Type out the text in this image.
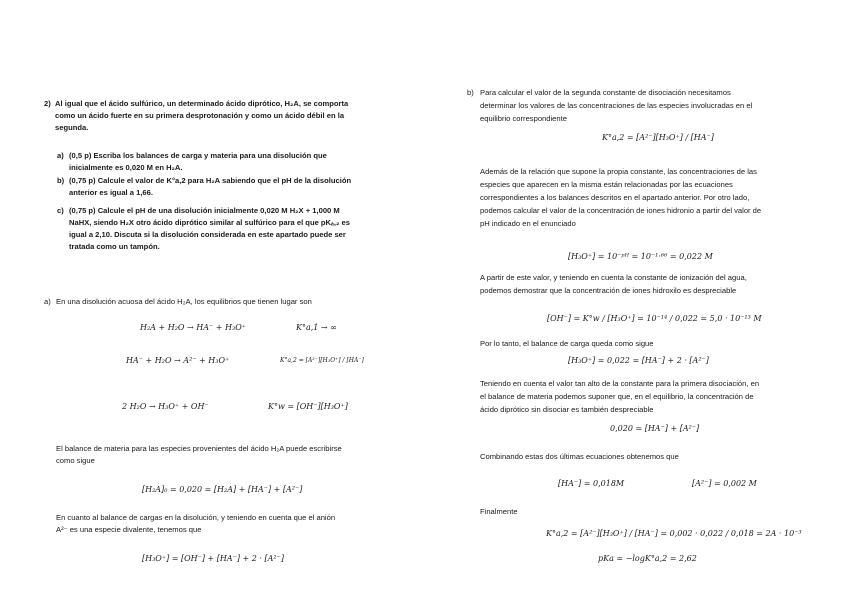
2) Al igual que el ácido sulfúrico, un determinado ácido diprótico, H₂A, se comporta
como un ácido fuerte en su primera desprotonación y como un ácido débil en la
segunda.
a) (0,5 p) Escriba los balances de carga y materia para una disolución que
inicialmente es 0,020 M en H₂A.
b) (0,75 p) Calcule el valor de K°a,2 para H₂A sabiendo que el pH de la disolución
anterior es igual a 1,66.
c) (0,75 p) Calcule el pH de una disolución inicialmente 0,020 M H₂X + 1,000 M
NaHX, siendo H₂X otro ácido diprótico similar al sulfúrico para el que pKₐ,₂ es
igual a 2,10. Discuta si la disolución considerada en este apartado puede ser
tratada como un tampón.
a) En una disolución acuosa del ácido H₂A, los equilibrios que tienen lugar son
H₂A + H₂O → HA⁻ + H₃O⁺	K°a,1 → ∞
HA⁻ + H₂O → A²⁻ + H₃O⁺	K°a,2 = [A²⁻][H₃O⁺] / [HA⁻]
2 H₂O → H₃O⁺ + OH⁻	K°w = [OH⁻][H₃O⁺]
El balance de materia para las especies provenientes del ácido H₂A puede escribirse
como sigue
[H₂A]₀ = 0,020 = [H₂A] + [HA⁻] + [A²⁻]
En cuanto al balance de cargas en la disolución, y teniendo en cuenta que el anión
A²⁻ es una especie divalente, tenemos que
[H₃O⁺] = [OH⁻] + [HA⁻] + 2 · [A²⁻]
b) Para calcular el valor de la segunda constante de disociación necesitamos
determinar los valores de las concentraciones de las especies involucradas en el
equilibrio correspondiente
K°a,2 = [A²⁻][H₃O⁺] / [HA⁻]
Además de la relación que supone la propia constante, las concentraciones de las
especies que aparecen en la misma están relacionadas por las ecuaciones
correspondientes a los balances descritos en el apartado anterior. Por otro lado,
podemos calcular el valor de la concentración de iones hidronio a partir del valor de
pH indicado en el enunciado
[H₃O⁺] = 10⁻ᵖᴴ = 10⁻¹·⁶⁶ = 0,022 M
A partir de este valor, y teniendo en cuenta la constante de ionización del agua,
podemos demostrar que la concentración de iones hidroxilo es despreciable
[OH⁻] = K°w / [H₃O⁺] = 10⁻¹⁴ / 0,022 = 5,0 · 10⁻¹³ M
Por lo tanto, el balance de carga queda como sigue
[H₃O⁺] = 0,022 = [HA⁻] + 2 · [A²⁻]
Teniendo en cuenta el valor tan alto de la constante para la primera disociación, en
el balance de materia podemos suponer que, en el equilibrio, la concentración de
ácido diprótico sin disociar es también despreciable
0,020 = [HA⁻] + [A²⁻]
Combinando estas dos últimas ecuaciones obtenemos que
[HA⁻] = 0,018M	[A²⁻] = 0,002 M
Finalmente
K°a,2 = [A²⁻][H₃O⁺] / [HA⁻] = 0,002 · 0,022 / 0,018 = 2A · 10⁻³
pKa = −logK°a,2 = 2,62
